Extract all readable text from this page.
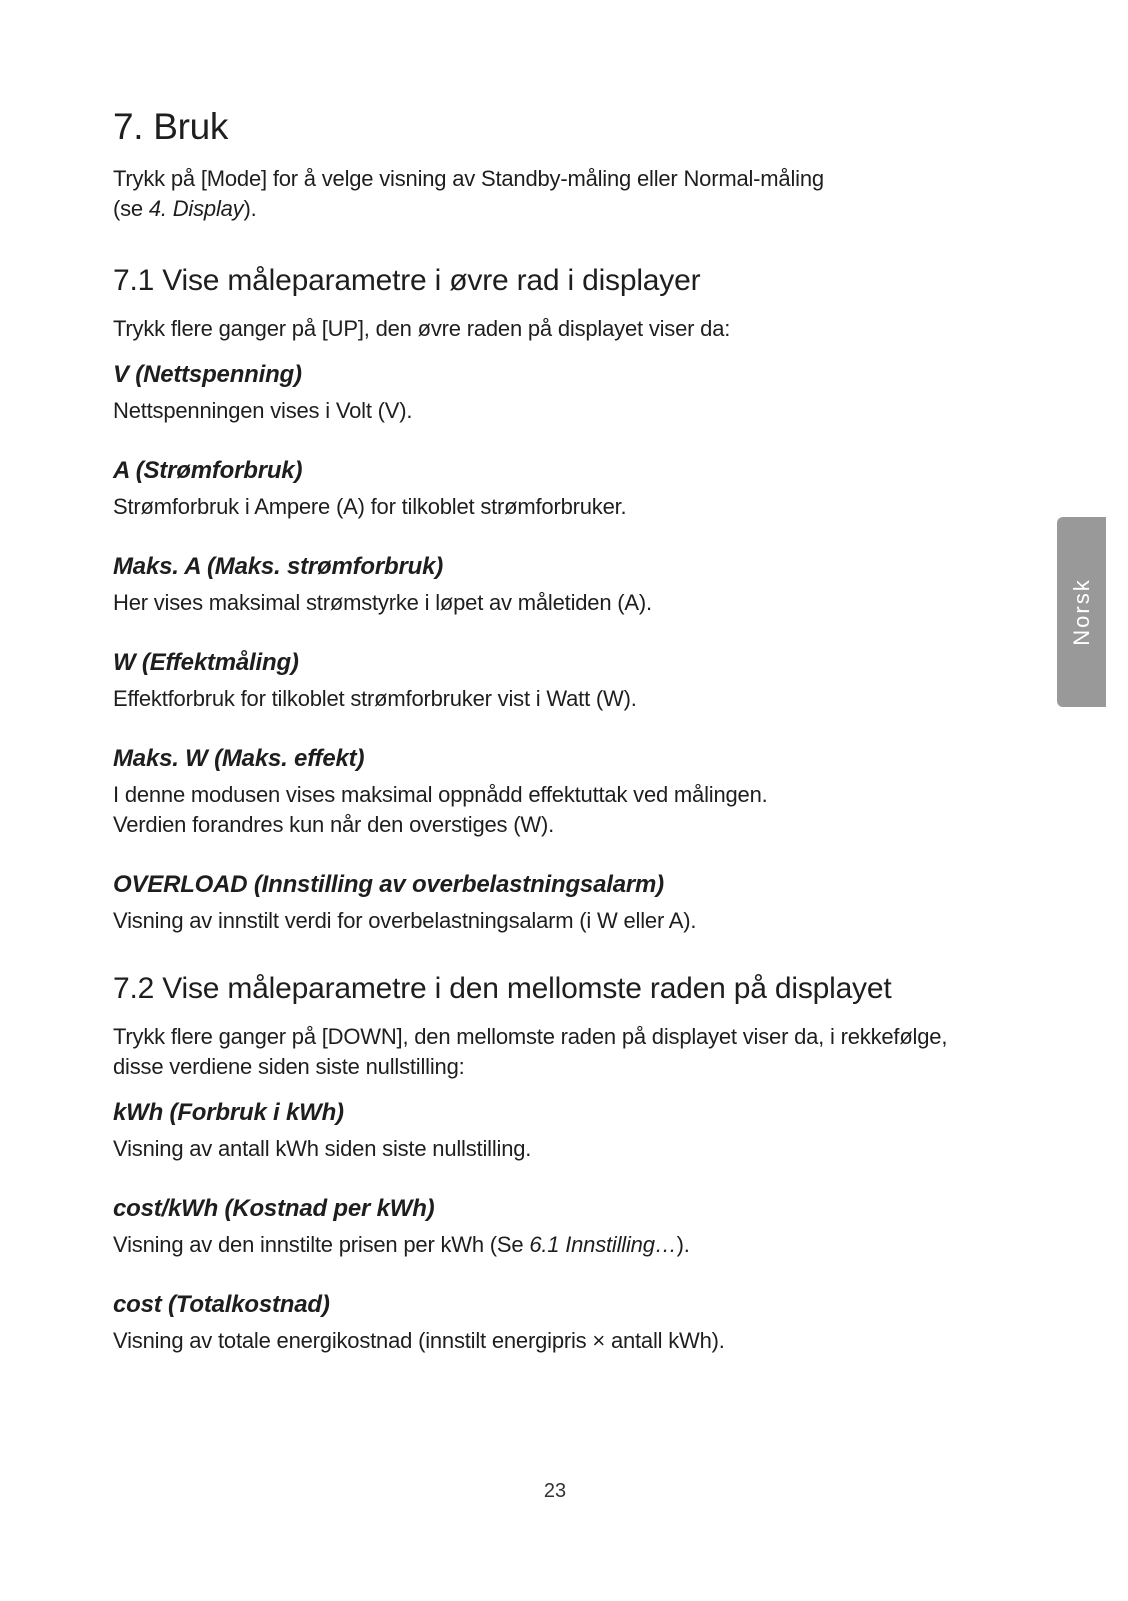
7. Bruk

Trykk på [Mode] for å velge visning av Standby-måling eller Normal-måling
(se 4. Display).

7.1 Vise måleparametre i øvre rad i displayer

Trykk flere ganger på [UP], den øvre raden på displayet viser da:

V (Nettspenning)

Nettspenningen vises i Volt (V).

A (Strømforbruk)

Strømforbruk i Ampere (A) for tilkoblet strømforbruker.

Maks. A (Maks. strømforbruk)

Her vises maksimal strømstyrke i løpet av måletiden (A).

W (Effektmåling)

Effektforbruk for tilkoblet strømforbruker vist i Watt (W).

Maks. W (Maks. effekt)

I denne modusen vises maksimal oppnådd effektuttak ved målingen.
Verdien forandres kun når den overstiges (W).

OVERLOAD (Innstilling av overbelastningsalarm)

Visning av innstilt verdi for overbelastningsalarm (i W eller A).

7.2 Vise måleparametre i den mellomste raden på displayet

Trykk flere ganger på [DOWN], den mellomste raden på displayet viser da, i rekkefølge,
disse verdiene siden siste nullstilling:

kWh (Forbruk i kWh)

Visning av antall kWh siden siste nullstilling.

cost/kWh (Kostnad per kWh)

Visning av den innstilte prisen per kWh (Se 6.1 Innstilling…).

cost (Totalkostnad)

Visning av totale energikostnad (innstilt energipris × antall kWh).

Norsk
23
